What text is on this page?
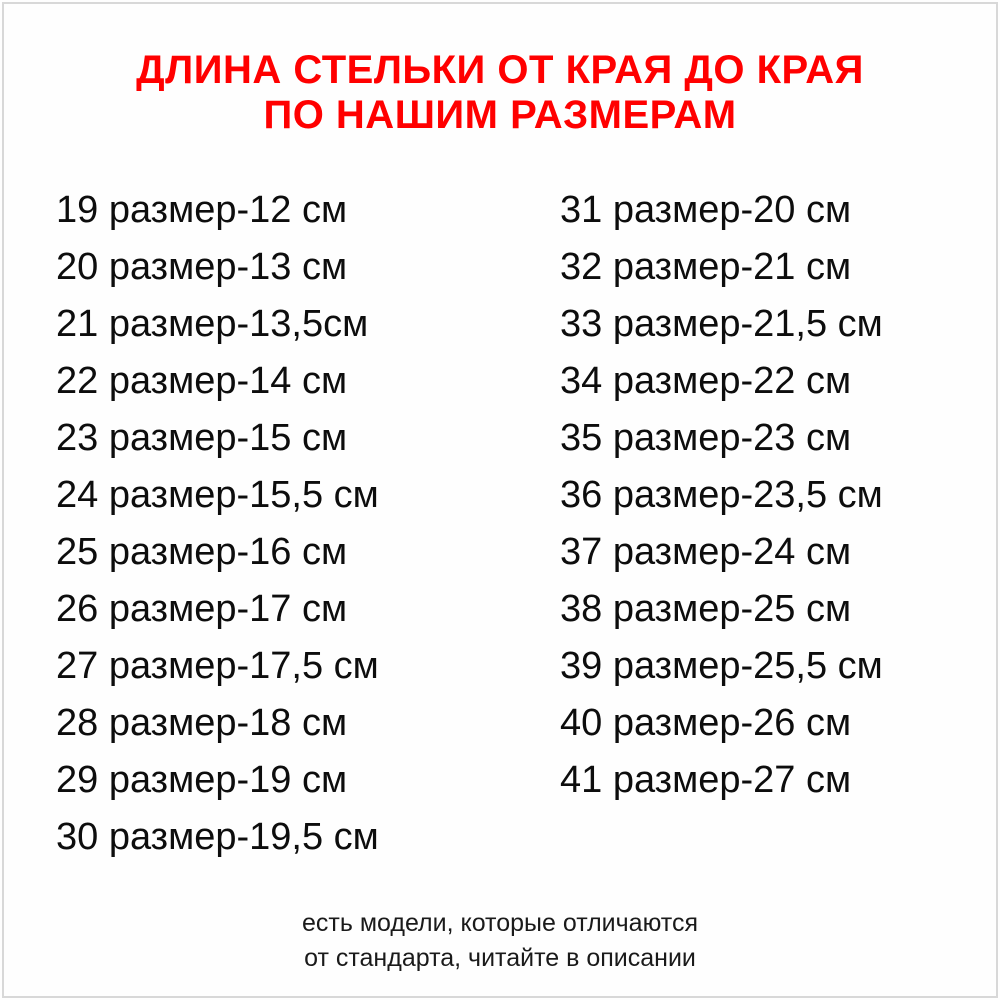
ДЛИНА СТЕЛЬКИ ОТ КРАЯ ДО КРАЯ
ПО НАШИМ РАЗМЕРАМ
19 размер-12 см
20 размер-13 см
21 размер-13,5см
22 размер-14 см
23 размер-15 см
24 размер-15,5 см
25 размер-16 см
26 размер-17 см
27 размер-17,5 см
28 размер-18 см
29 размер-19 см
30 размер-19,5 см
31 размер-20 см
32 размер-21 см
33 размер-21,5 см
34 размер-22 см
35 размер-23 см
36 размер-23,5 см
37 размер-24 см
38 размер-25 см
39 размер-25,5 см
40 размер-26 см
41 размер-27 см
есть модели, которые отличаются
от стандарта, читайте в описании
